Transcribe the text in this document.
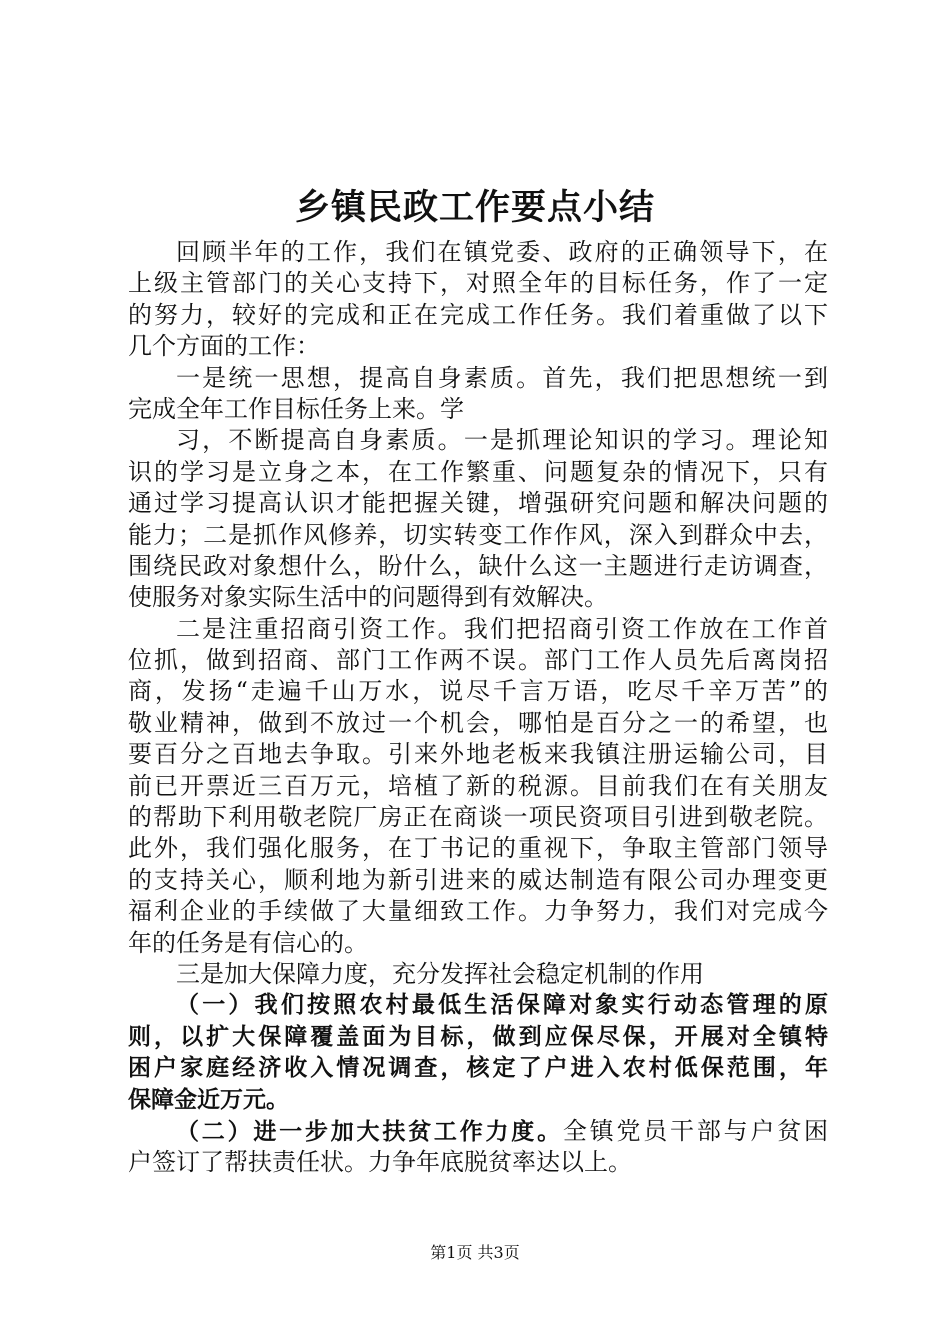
乡镇民政工作要点小结
回顾半年的工作，我们在镇党委、政府的正确领导下，在
上级主管部门的关心支持下，对照全年的目标任务，作了一定
的努力，较好的完成和正在完成工作任务。我们着重做了以下
几个方面的工作：
一是统一思想，提高自身素质。首先，我们把思想统一到
完成全年工作目标任务上来。学
习，不断提高自身素质。一是抓理论知识的学习。理论知
识的学习是立身之本，在工作繁重、问题复杂的情况下，只有
通过学习提高认识才能把握关键，增强研究问题和解决问题的
能力；二是抓作风修养，切实转变工作作风，深入到群众中去，
围绕民政对象想什么，盼什么，缺什么这一主题进行走访调查，
使服务对象实际生活中的问题得到有效解决。
二是注重招商引资工作。我们把招商引资工作放在工作首
位抓，做到招商、部门工作两不误。部门工作人员先后离岗招
商，发扬“走遍千山万水，说尽千言万语，吃尽千辛万苦”的
敬业精神，做到不放过一个机会，哪怕是百分之一的希望，也
要百分之百地去争取。引来外地老板来我镇注册运输公司，目
前已开票近三百万元，培植了新的税源。目前我们在有关朋友
的帮助下利用敬老院厂房正在商谈一项民资项目引进到敬老院。
此外，我们强化服务，在丁书记的重视下，争取主管部门领导
的支持关心，顺利地为新引进来的威达制造有限公司办理变更
福利企业的手续做了大量细致工作。力争努力，我们对完成今
年的任务是有信心的。
三是加大保障力度，充分发挥社会稳定机制的作用
（一）我们按照农村最低生活保障对象实行动态管理的原
则，以扩大保障覆盖面为目标，做到应保尽保，开展对全镇特
困户家庭经济收入情况调查，核定了户进入农村低保范围，年
保障金近万元。
（二）进一步加大扶贫工作力度。全镇党员干部与户贫困
户签订了帮扶责任状。力争年底脱贫率达以上。
第1页 共3页
